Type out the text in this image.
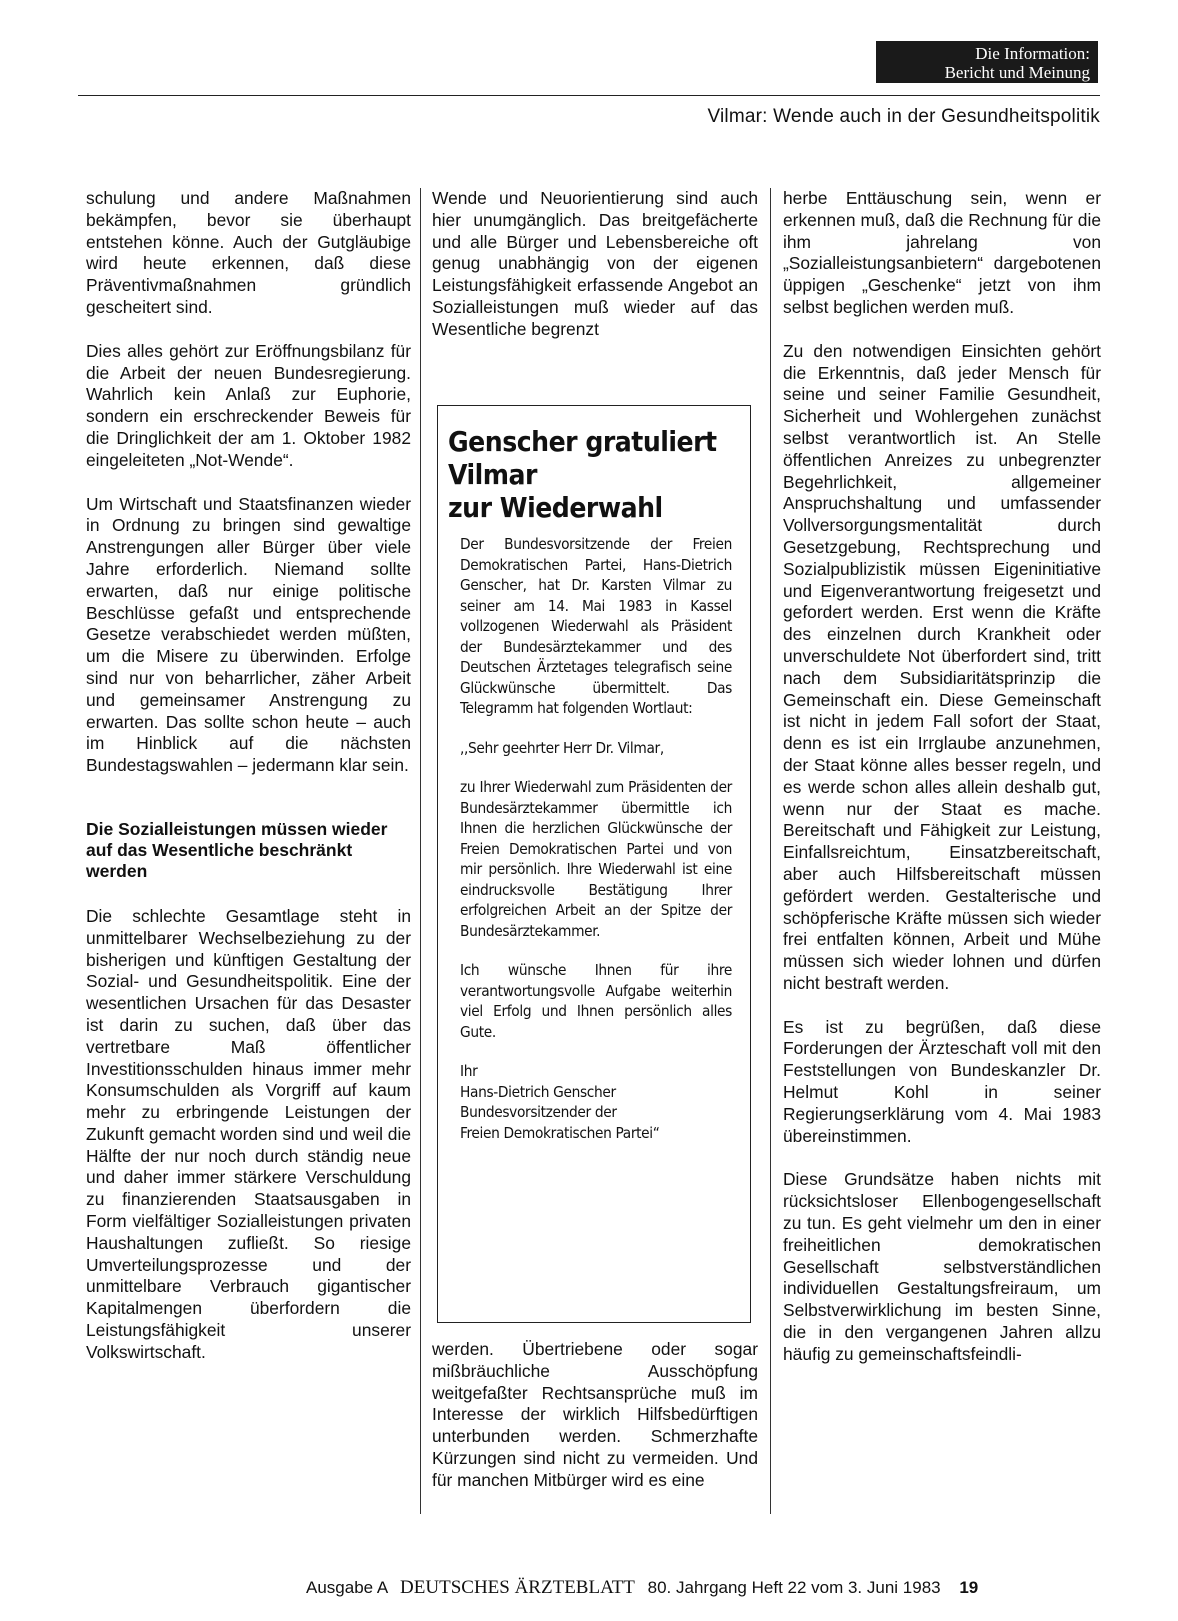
Die Information:
Bericht und Meinung
Vilmar: Wende auch in der Gesundheitspolitik

schulung und andere Maßnahmen bekämpfen, bevor sie überhaupt entstehen könne. Auch der Gutgläubige wird heute erkennen, daß diese Präventivmaßnahmen gründlich gescheitert sind.

Dies alles gehört zur Eröffnungsbilanz für die Arbeit der neuen Bundesregierung. Wahrlich kein Anlaß zur Euphorie, sondern ein erschreckender Beweis für die Dringlichkeit der am 1. Oktober 1982 eingeleiteten „Not-Wende“.

Um Wirtschaft und Staatsfinanzen wieder in Ordnung zu bringen sind gewaltige Anstrengungen aller Bürger über viele Jahre erforderlich. Niemand sollte erwarten, daß nur einige politische Beschlüsse gefaßt und entsprechende Gesetze verabschiedet werden müßten, um die Misere zu überwinden. Erfolge sind nur von beharrlicher, zäher Arbeit und gemeinsamer Anstrengung zu erwarten. Das sollte schon heute – auch im Hinblick auf die nächsten Bundestagswahlen – jedermann klar sein.

Die Sozialleistungen müssen wieder auf das Wesentliche beschränkt werden

Die schlechte Gesamtlage steht in unmittelbarer Wechselbeziehung zu der bisherigen und künftigen Gestaltung der Sozial- und Gesundheitspolitik. Eine der wesentlichen Ursachen für das Desaster ist darin zu suchen, daß über das vertretbare Maß öffentlicher Investitionsschulden hinaus immer mehr Konsumschulden als Vorgriff auf kaum mehr zu erbringende Leistungen der Zukunft gemacht worden sind und weil die Hälfte der nur noch durch ständig neue und daher immer stärkere Verschuldung zu finanzierenden Staatsausgaben in Form vielfältiger Sozialleistungen privaten Haushaltungen zufließt. So riesige Umverteilungsprozesse und der unmittelbare Verbrauch gigantischer Kapitalmengen überfordern die Leistungsfähigkeit unserer Volkswirtschaft.

Wende und Neuorientierung sind auch hier unumgänglich. Das breitgefächerte und alle Bürger und Lebensbereiche oft genug unabhängig von der eigenen Leistungsfähigkeit erfassende Angebot an Sozialleistungen muß wieder auf das Wesentliche begrenzt

Genscher gratuliert
Vilmar
zur Wiederwahl

Der Bundesvorsitzende der Freien Demokratischen Partei, Hans-Dietrich Genscher, hat Dr. Karsten Vilmar zu seiner am 14. Mai 1983 in Kassel vollzogenen Wiederwahl als Präsident der Bundesärztekammer und des Deutschen Ärztetages telegrafisch seine Glückwünsche übermittelt. Das Telegramm hat folgenden Wortlaut:

,,Sehr geehrter Herr Dr. Vilmar,

zu Ihrer Wiederwahl zum Präsidenten der Bundesärztekammer übermittle ich Ihnen die herzlichen Glückwünsche der Freien Demokratischen Partei und von mir persönlich. Ihre Wiederwahl ist eine eindrucksvolle Bestätigung Ihrer erfolgreichen Arbeit an der Spitze der Bundesärztekammer.

Ich wünsche Ihnen für ihre verantwortungsvolle Aufgabe weiterhin viel Erfolg und Ihnen persönlich alles Gute.

Ihr
Hans-Dietrich Genscher
Bundesvorsitzender der
Freien Demokratischen Partei“

werden. Übertriebene oder sogar mißbräuchliche Ausschöpfung weitgefaßter Rechtsansprüche muß im Interesse der wirklich Hilfsbedürftigen unterbunden werden. Schmerzhafte Kürzungen sind nicht zu vermeiden. Und für manchen Mitbürger wird es eine

herbe Enttäuschung sein, wenn er erkennen muß, daß die Rechnung für die ihm jahrelang von „Sozialleistungsanbietern“ dargebotenen üppigen „Geschenke“ jetzt von ihm selbst beglichen werden muß.

Zu den notwendigen Einsichten gehört die Erkenntnis, daß jeder Mensch für seine und seiner Familie Gesundheit, Sicherheit und Wohlergehen zunächst selbst verantwortlich ist. An Stelle öffentlichen Anreizes zu unbegrenzter Begehrlichkeit, allgemeiner Anspruchshaltung und umfassender Vollversorgungsmentalität durch Gesetzgebung, Rechtsprechung und Sozialpublizistik müssen Eigeninitiative und Eigenverantwortung freigesetzt und gefordert werden. Erst wenn die Kräfte des einzelnen durch Krankheit oder unverschuldete Not überfordert sind, tritt nach dem Subsidiaritätsprinzip die Gemeinschaft ein. Diese Gemeinschaft ist nicht in jedem Fall sofort der Staat, denn es ist ein Irrglaube anzunehmen, der Staat könne alles besser regeln, und es werde schon alles allein deshalb gut, wenn nur der Staat es mache. Bereitschaft und Fähigkeit zur Leistung, Einfallsreichtum, Einsatzbereitschaft, aber auch Hilfsbereitschaft müssen gefördert werden. Gestalterische und schöpferische Kräfte müssen sich wieder frei entfalten können, Arbeit und Mühe müssen sich wieder lohnen und dürfen nicht bestraft werden.

Es ist zu begrüßen, daß diese Forderungen der Ärzteschaft voll mit den Feststellungen von Bundeskanzler Dr. Helmut Kohl in seiner Regierungserklärung vom 4. Mai 1983 übereinstimmen.

Diese Grundsätze haben nichts mit rücksichtsloser Ellenbogengesellschaft zu tun. Es geht vielmehr um den in einer freiheitlichen demokratischen Gesellschaft selbstverständlichen individuellen Gestaltungsfreiraum, um Selbstverwirklichung im besten Sinne, die in den vergangenen Jahren allzu häufig zu gemeinschaftsfeindli-

Ausgabe A DEUTSCHES ÄRZTEBLATT 80. Jahrgang Heft 22 vom 3. Juni 1983 19
